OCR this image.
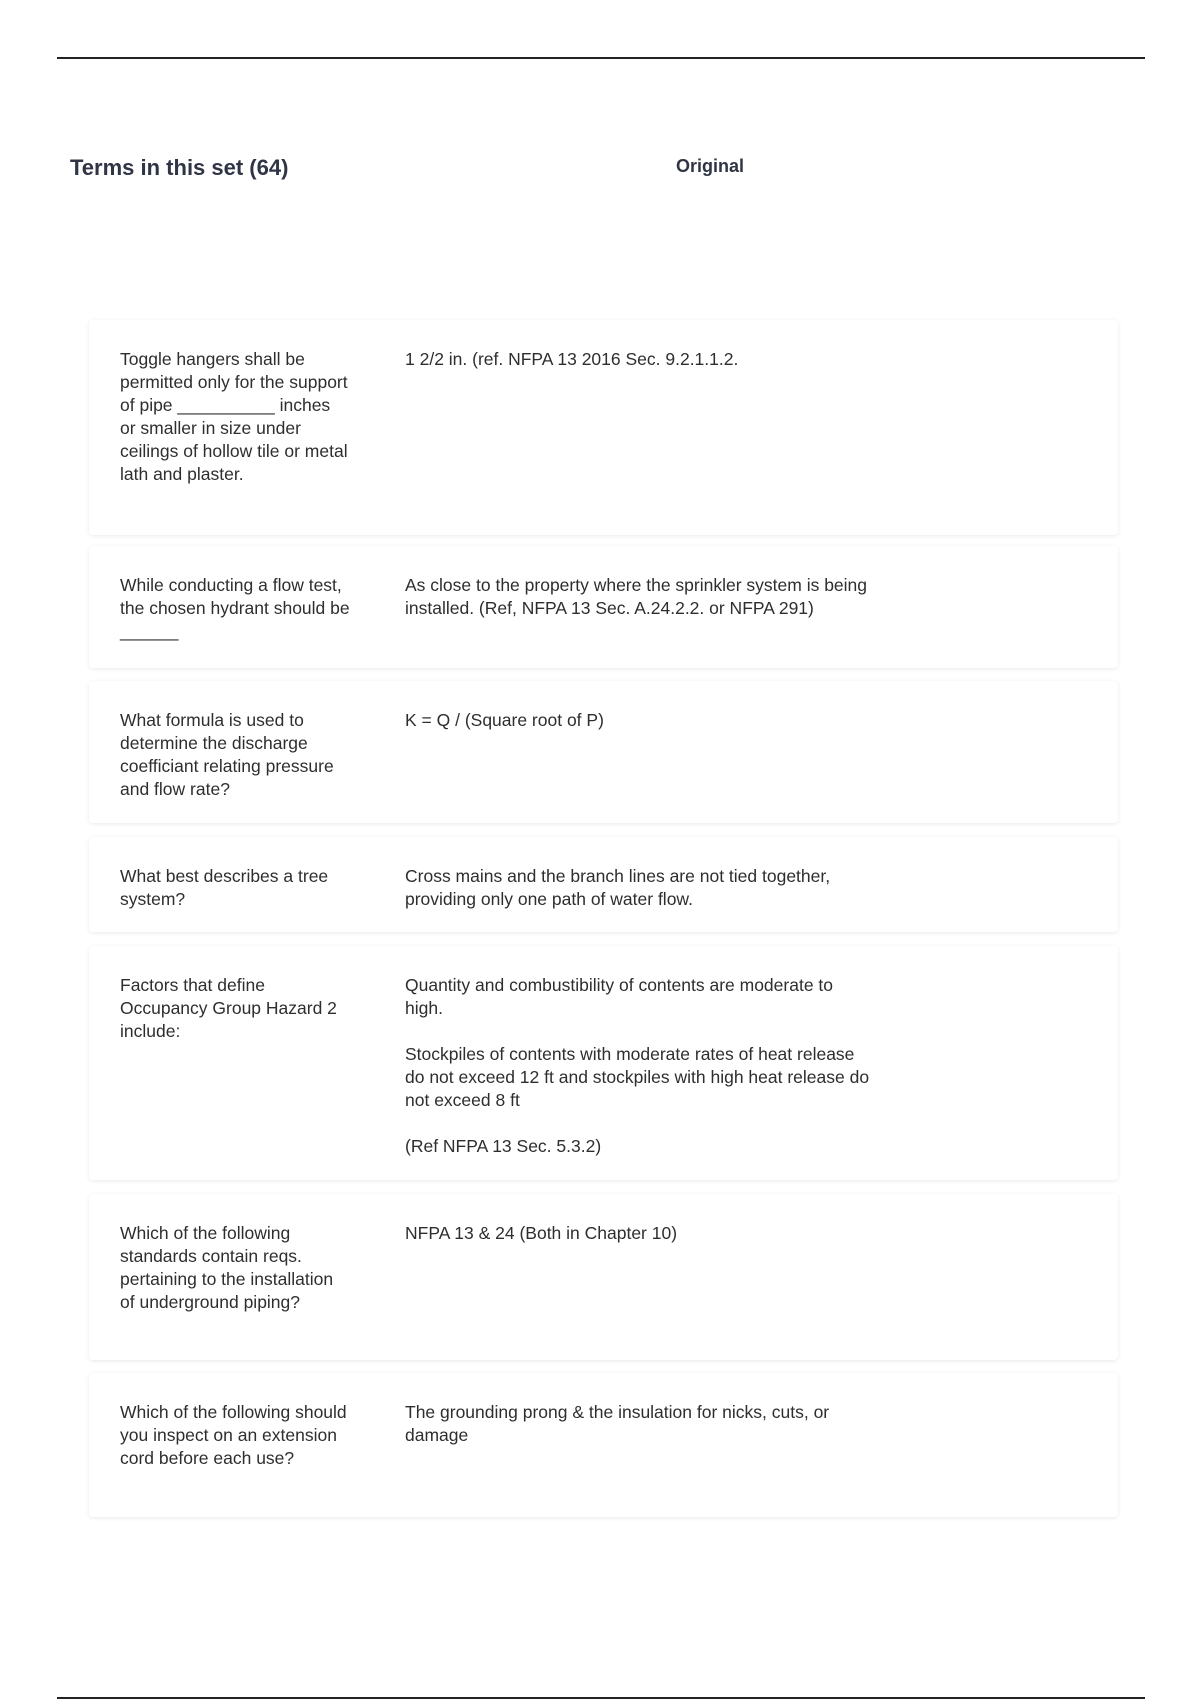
Terms in this set (64)	Original
Toggle hangers shall be permitted only for the support of pipe __________ inches or smaller in size under ceilings of hollow tile or metal lath and plaster.

1 2/2 in. (ref. NFPA 13 2016 Sec. 9.2.1.1.2.

While conducting a flow test, the chosen hydrant should be ______

As close to the property where the sprinkler system is being installed. (Ref, NFPA 13 Sec. A.24.2.2. or NFPA 291)

What formula is used to determine the discharge coefficiant relating pressure and flow rate?

K = Q / (Square root of P)

What best describes a tree system?

Cross mains and the branch lines are not tied together, providing only one path of water flow.

Factors that define Occupancy Group Hazard 2 include:

Quantity and combustibility of contents are moderate to high.

Stockpiles of contents with moderate rates of heat release do not exceed 12 ft and stockpiles with high heat release do not exceed 8 ft

(Ref NFPA 13 Sec. 5.3.2)

Which of the following standards contain reqs. pertaining to the installation of underground piping?

NFPA 13 & 24 (Both in Chapter 10)

Which of the following should you inspect on an extension cord before each use?

The grounding prong & the insulation for nicks, cuts, or damage
